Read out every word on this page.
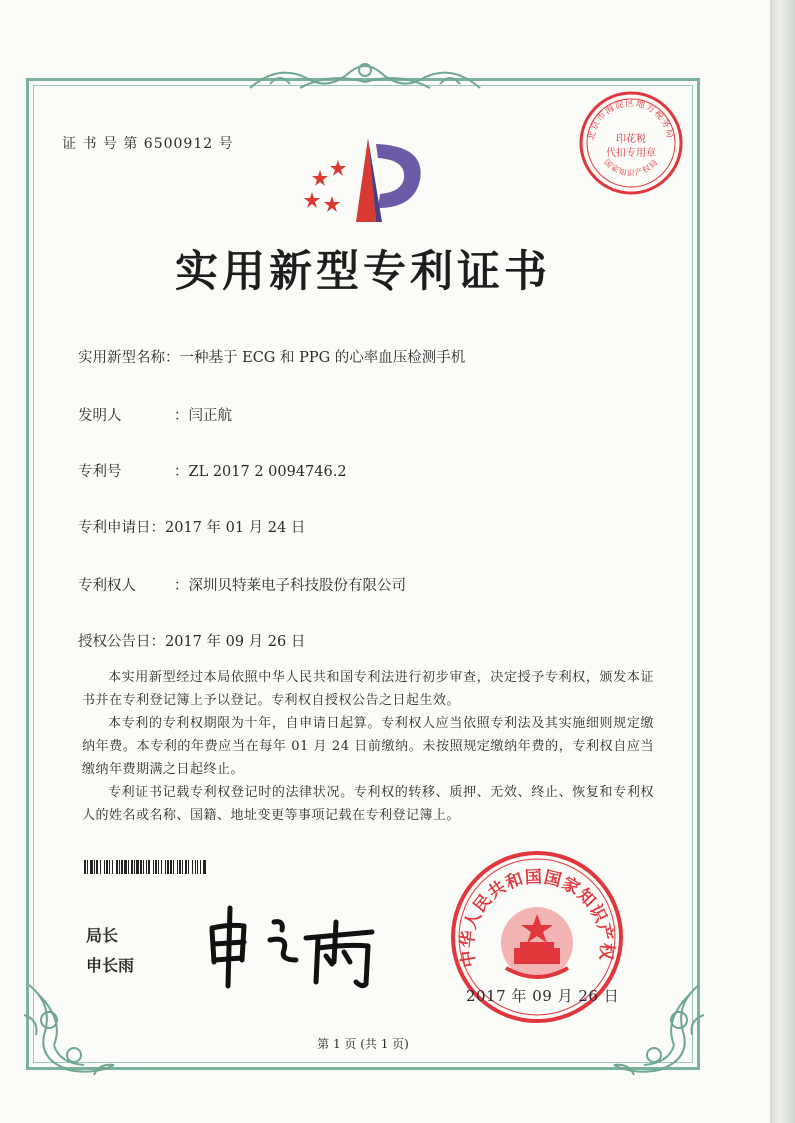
证 书 号 第 6500912 号
实用新型专利证书
北京市海淀区地方税务局
国家知识产权局
印花税
代扣专用章
实用新型名称：一种基于 ECG 和 PPG 的心率血压检测手机
发明人	：闫正航
专利号	：ZL 2017 2 0094746.2
专利申请日：2017 年 01 月 24 日
专利权人	：深圳贝特莱电子科技股份有限公司
授权公告日：2017 年 09 月 26 日

本实用新型经过本局依照中华人民共和国专利法进行初步审查，决定授予专利权，颁发本证书并在专利登记簿上予以登记。专利权自授权公告之日起生效。

本专利的专利权期限为十年，自申请日起算。专利权人应当依照专利法及其实施细则规定缴纳年费。本专利的年费应当在每年 01 月 24 日前缴纳。未按照规定缴纳年费的，专利权自应当缴纳年费期满之日起终止。

专利证书记载专利权登记时的法律状况。专利权的转移、质押、无效、终止、恢复和专利权人的姓名或名称、国籍、地址变更等事项记载在专利登记簿上。

局长
申长雨	中华人民共和国国家知识产权
2017 年 09 月 26 日
第 1 页 (共 1 页)
